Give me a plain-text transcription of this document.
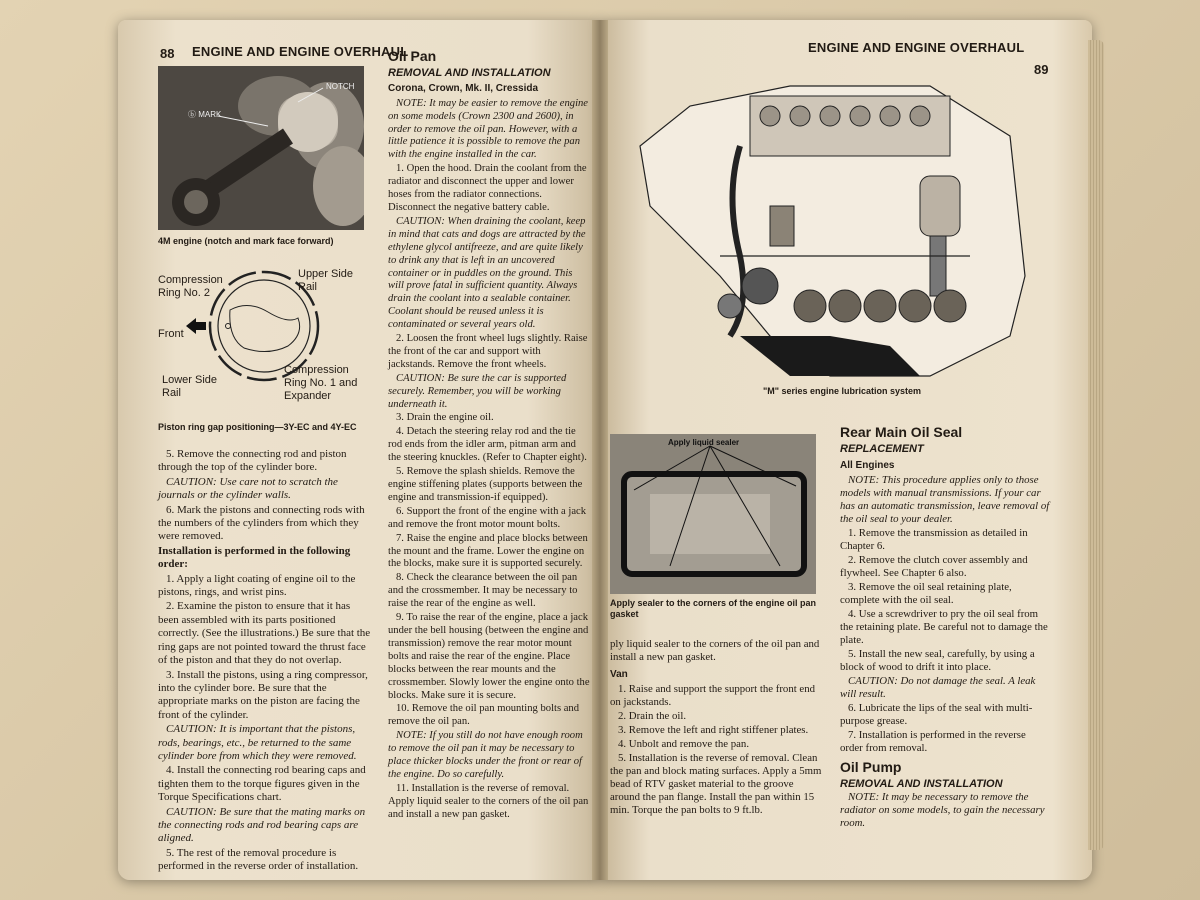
88 ENGINE AND ENGINE OVERHAUL
NOTCH
ⓑ MARK
4M engine (notch and mark face forward)
Compression
Ring No. 2
Upper Side
Rail
Front
Lower Side
Rail
Compression
Ring No. 1 and
Expander
Piston ring gap positioning—3Y-EC and 4Y-EC

5. Remove the connecting rod and piston through the top of the cylinder bore.

CAUTION: Use care not to scratch the journals or the cylinder walls.

6. Mark the pistons and connecting rods with the numbers of the cylinders from which they were removed.

Installation is performed in the following order:

1. Apply a light coating of engine oil to the pistons, rings, and wrist pins.

2. Examine the piston to ensure that it has been assembled with its parts positioned correctly. (See the illustrations.) Be sure that the ring gaps are not pointed toward the thrust face of the piston and that they do not overlap.

3. Install the pistons, using a ring compressor, into the cylinder bore. Be sure that the appropriate marks on the piston are facing the front of the cylinder.

CAUTION: It is important that the pistons, rods, bearings, etc., be returned to the same cylinder bore from which they were removed.

4. Install the connecting rod bearing caps and tighten them to the torque figures given in the Torque Specifications chart.

CAUTION: Be sure that the mating marks on the connecting rods and rod bearing caps are aligned.

5. The rest of the removal procedure is performed in the reverse order of installation.

Oil Pan
REMOVAL AND INSTALLATION
Corona, Crown, Mk. II, Cressida

NOTE: It may be easier to remove the engine on some models (Crown 2300 and 2600), in order to remove the oil pan. However, with a little patience it is possible to remove the pan with the engine installed in the car.

1. Open the hood. Drain the coolant from the radiator and disconnect the upper and lower hoses from the radiator connections. Disconnect the negative battery cable.

CAUTION: When draining the coolant, keep in mind that cats and dogs are attracted by the ethylene glycol antifreeze, and are quite likely to drink any that is left in an uncovered container or in puddles on the ground. This will prove fatal in sufficient quantity. Always drain the coolant into a sealable container. Coolant should be reused unless it is contaminated or several years old.

2. Loosen the front wheel lugs slightly. Raise the front of the car and support with jackstands. Remove the front wheels.

CAUTION: Be sure the car is supported securely. Remember, you will be working underneath it.

3. Drain the engine oil.

4. Detach the steering relay rod and the tie rod ends from the idler arm, pitman arm and the steering knuckles. (Refer to Chapter eight).

5. Remove the splash shields. Remove the engine stiffening plates (supports between the engine and transmission-if equipped).

6. Support the front of the engine with a jack and remove the front motor mount bolts.

7. Raise the engine and place blocks between the mount and the frame. Lower the engine on the blocks, make sure it is supported securely.

8. Check the clearance between the oil pan and the crossmember. It may be necessary to raise the rear of the engine as well.

9. To raise the rear of the engine, place a jack under the bell housing (between the engine and transmission) remove the rear motor mount bolts and raise the rear of the engine. Place blocks between the rear mounts and the crossmember. Slowly lower the engine onto the blocks. Make sure it is secure.

10. Remove the oil pan mounting bolts and remove the oil pan.

NOTE: If you still do not have enough room to remove the oil pan it may be necessary to place thicker blocks under the front or rear of the engine. Do so carefully.

11. Installation is the reverse of removal. Apply liquid sealer to the corners of the oil pan and install a new pan gasket.

ENGINE AND ENGINE OVERHAUL
89
"M" series engine lubrication system
Apply liquid sealer
Apply sealer to the corners of the engine oil pan gasket

ply liquid sealer to the corners of the oil pan and install a new pan gasket.

Van

1. Raise and support the support the front end on jackstands.

2. Drain the oil.

3. Remove the left and right stiffener plates.

4. Unbolt and remove the pan.

5. Installation is the reverse of removal. Clean the pan and block mating surfaces. Apply a 5mm bead of RTV gasket material to the groove around the pan flange. Install the pan within 15 min. Torque the pan bolts to 9 ft.lb.

Rear Main Oil Seal
REPLACEMENT
All Engines

NOTE: This procedure applies only to those models with manual transmissions. If your car has an automatic transmission, leave removal of the oil seal to your dealer.

1. Remove the transmission as detailed in Chapter 6.

2. Remove the clutch cover assembly and flywheel. See Chapter 6 also.

3. Remove the oil seal retaining plate, complete with the oil seal.

4. Use a screwdriver to pry the oil seal from the retaining plate. Be careful not to damage the plate.

5. Install the new seal, carefully, by using a block of wood to drift it into place.

CAUTION: Do not damage the seal. A leak will result.

6. Lubricate the lips of the seal with multi-purpose grease.

7. Installation is performed in the reverse order from removal.

Oil Pump
REMOVAL AND INSTALLATION

NOTE: It may be necessary to remove the radiator on some models, to gain the necessary room.
